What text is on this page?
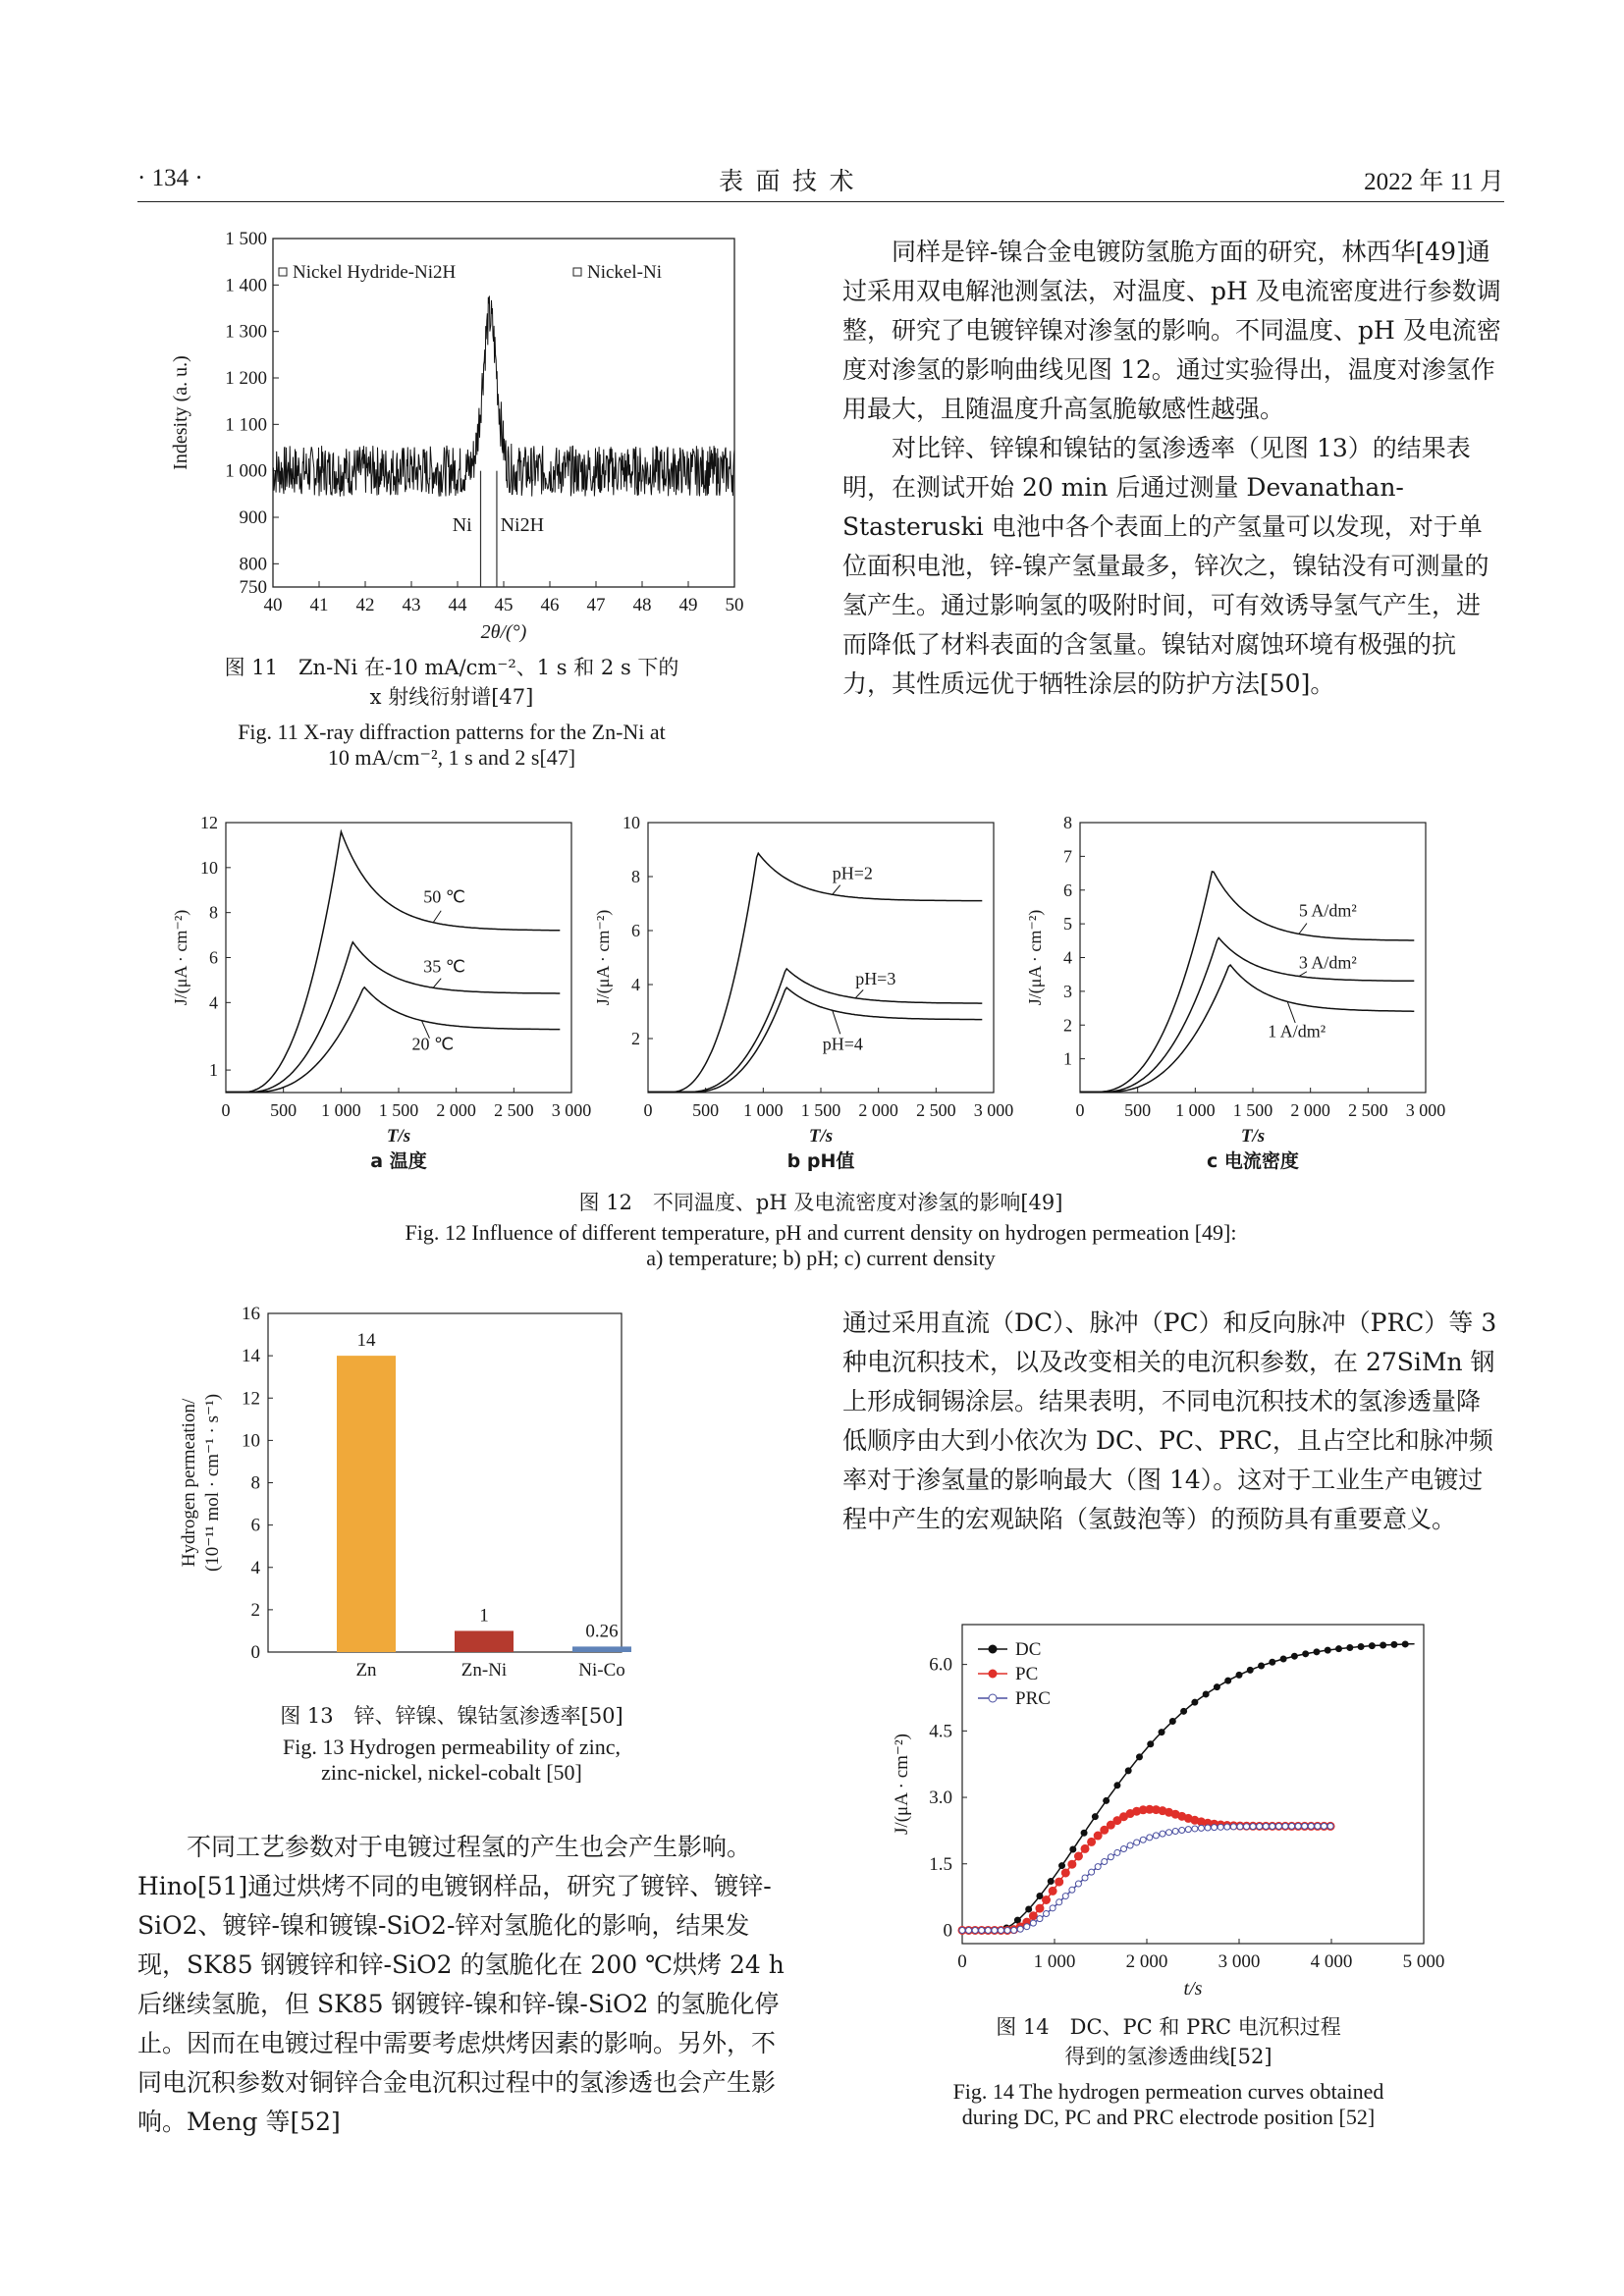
· 134 ·	表  面  技  术	2022 年 11 月
40 41 42 43 44 45 46 47 48 49 50
750
800
900
1 000
1 100
1 200
1 300
1 400
1 500
2θ/(°)
Indesity (a. u.)
Ni Ni2H
Nickel Hydride-Ni2H	Nickel-Ni
图 11　Zn-Ni 在-10 mA/cm⁻²、1 s 和 2 s 下的
x 射线衍射谱[47]
Fig. 11 X-ray diffraction patterns for the Zn-Ni at
10 mA/cm⁻², 1 s and 2 s[47]

同样是锌-镍合金电镀防氢脆方面的研究，林西华[49]通过采用双电解池测氢法，对温度、pH 及电流密度进行参数调整，研究了电镀锌镍对渗氢的影响。不同温度、pH 及电流密度对渗氢的影响曲线见图 12。通过实验得出，温度对渗氢作用最大，且随温度升高氢脆敏感性越强。

对比锌、锌镍和镍钴的氢渗透率（见图 13）的结果表明，在测试开始 20 min 后通过测量 Devanathan-Stasteruski 电池中各个表面上的产氢量可以发现，对于单位面积电池，锌-镍产氢量最多，锌次之，镍钴没有可测量的氢产生。通过影响氢的吸附时间，可有效诱导氢气产生，进而降低了材料表面的含氢量。镍钴对腐蚀环境有极强的抗力，其性质远优于牺牲涂层的防护方法[50]。

0 500 1 000 1 500 2 000 2 500 3 000
1
4
6
8
10
12
T/s
J/(μA · cm⁻²)
a 温度
50 ℃
35 ℃
20 ℃
0 500 1 000 1 500 2 000 2 500 3 000
2
4
6
8
10
T/s
J/(μA · cm⁻²)
b pH值
pH=2
pH=3
pH=4
0 500 1 000 1 500 2 000 2 500 3 000
1
2
3
4
5
6
7
8
T/s
J/(μA · cm⁻²)
c 电流密度
5 A/dm²
3 A/dm²
1 A/dm²
图 12　不同温度、pH 及电流密度对渗氢的影响[49]
Fig. 12 Influence of different temperature, pH and current density on hydrogen permeation [49]:
a) temperature; b) pH; c) current density
0
2
4
6
8
10
12
14
16
Hydrogen permeation/ (10⁻¹¹ mol · cm⁻¹ · s⁻¹)
14
Zn
1
Zn-Ni
0.26
Ni-Co
图 13　锌、锌镍、镍钴氢渗透率[50]
Fig. 13 Hydrogen permeability of zinc,
zinc-nickel, nickel-cobalt [50]

通过采用直流（DC）、脉冲（PC）和反向脉冲（PRC）等 3 种电沉积技术，以及改变相关的电沉积参数，在 27SiMn 钢上形成铜锡涂层。结果表明，不同电沉积技术的氢渗透量降低顺序由大到小依次为 DC、PC、PRC，且占空比和脉冲频率对于渗氢量的影响最大（图 14）。这对于工业生产电镀过程中产生的宏观缺陷（氢鼓泡等）的预防具有重要意义。

不同工艺参数对于电镀过程氢的产生也会产生影响。Hino[51]通过烘烤不同的电镀钢样品，研究了镀锌、镀锌-SiO2、镀锌-镍和镀镍-SiO2-锌对氢脆化的影响，结果发现，SK85 钢镀锌和锌-SiO2 的氢脆化在 200 ℃烘烤 24 h 后继续氢脆，但 SK85 钢镀锌-镍和锌-镍-SiO2 的氢脆化停止。因而在电镀过程中需要考虑烘烤因素的影响。另外，不同电沉积参数对铜锌合金电沉积过程中的氢渗透也会产生影响。Meng 等[52]

0	1 000	2 000	3 000	4 000	5 000
0
1.5
3.0
4.5
6.0
t/s
J/(μA · cm⁻²)
DC
PC
PRC
图 14　DC、PC 和 PRC 电沉积过程
得到的氢渗透曲线[52]
Fig. 14 The hydrogen permeation curves obtained
during DC, PC and PRC electrode position [52]
